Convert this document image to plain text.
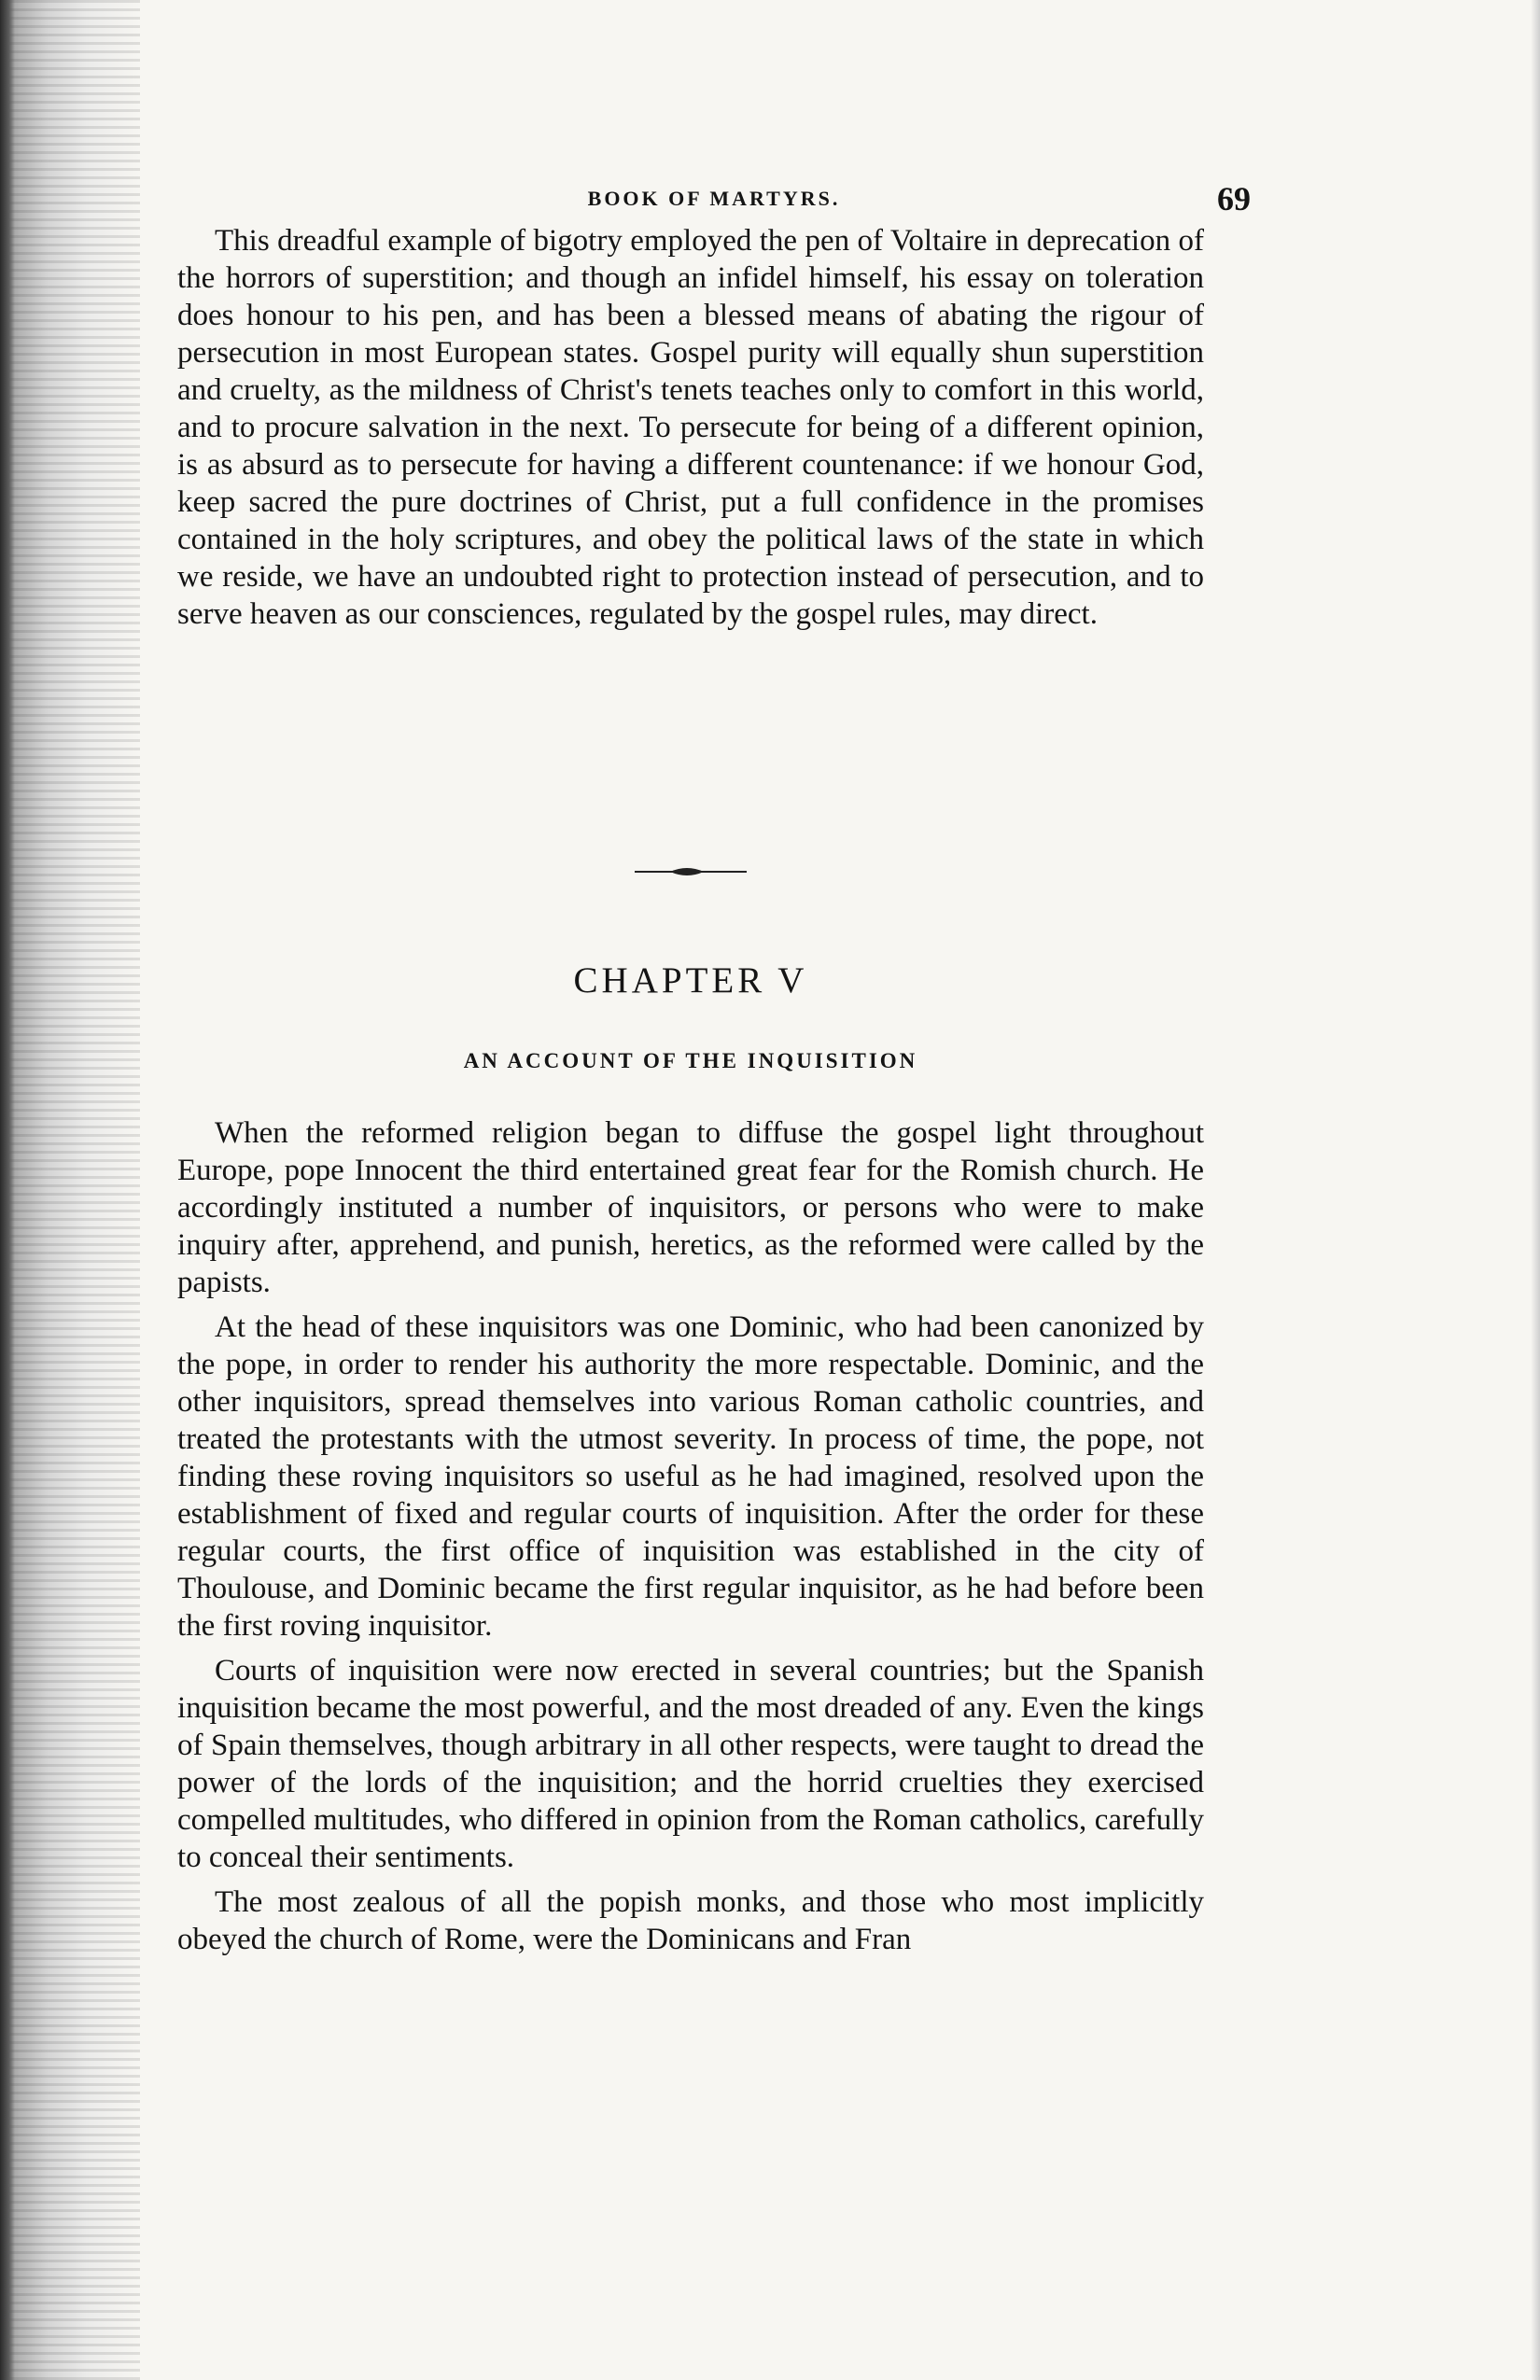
BOOK OF MARTYRS.	69

This dreadful example of bigotry employed the pen of Voltaire in deprecation of the horrors of superstition; and though an infidel himself, his essay on toleration does honour to his pen, and has been a blessed means of abating the rigour of persecution in most European states. Gospel purity will equally shun superstition and cruelty, as the mildness of Christ's tenets teaches only to comfort in this world, and to procure salvation in the next. To persecute for being of a different opinion, is as absurd as to persecute for having a different countenance: if we honour God, keep sacred the pure doctrines of Christ, put a full confidence in the promises contained in the holy scriptures, and obey the political laws of the state in which we reside, we have an undoubted right to protection instead of persecution, and to serve heaven as our consciences, regulated by the gospel rules, may direct.

CHAPTER V
AN ACCOUNT OF THE INQUISITION

When the reformed religion began to diffuse the gospel light throughout Europe, pope Innocent the third entertained great fear for the Romish church. He accordingly instituted a number of inquisitors, or persons who were to make inquiry after, apprehend, and punish, heretics, as the reformed were called by the papists.

At the head of these inquisitors was one Dominic, who had been canonized by the pope, in order to render his authority the more respectable. Dominic, and the other inquisitors, spread themselves into various Roman catholic countries, and treated the protestants with the utmost severity. In process of time, the pope, not finding these roving inquisitors so useful as he had imagined, resolved upon the establishment of fixed and regular courts of inquisition. After the order for these regular courts, the first office of inquisition was established in the city of Thoulouse, and Dominic became the first regular inquisitor, as he had before been the first roving inquisitor.

Courts of inquisition were now erected in several countries; but the Spanish inquisition became the most powerful, and the most dreaded of any. Even the kings of Spain themselves, though arbitrary in all other respects, were taught to dread the power of the lords of the inquisition; and the horrid cruelties they exercised compelled multitudes, who differed in opinion from the Roman catholics, carefully to conceal their sentiments.

The most zealous of all the popish monks, and those who most implicitly obeyed the church of Rome, were the Dominicans and Fran
